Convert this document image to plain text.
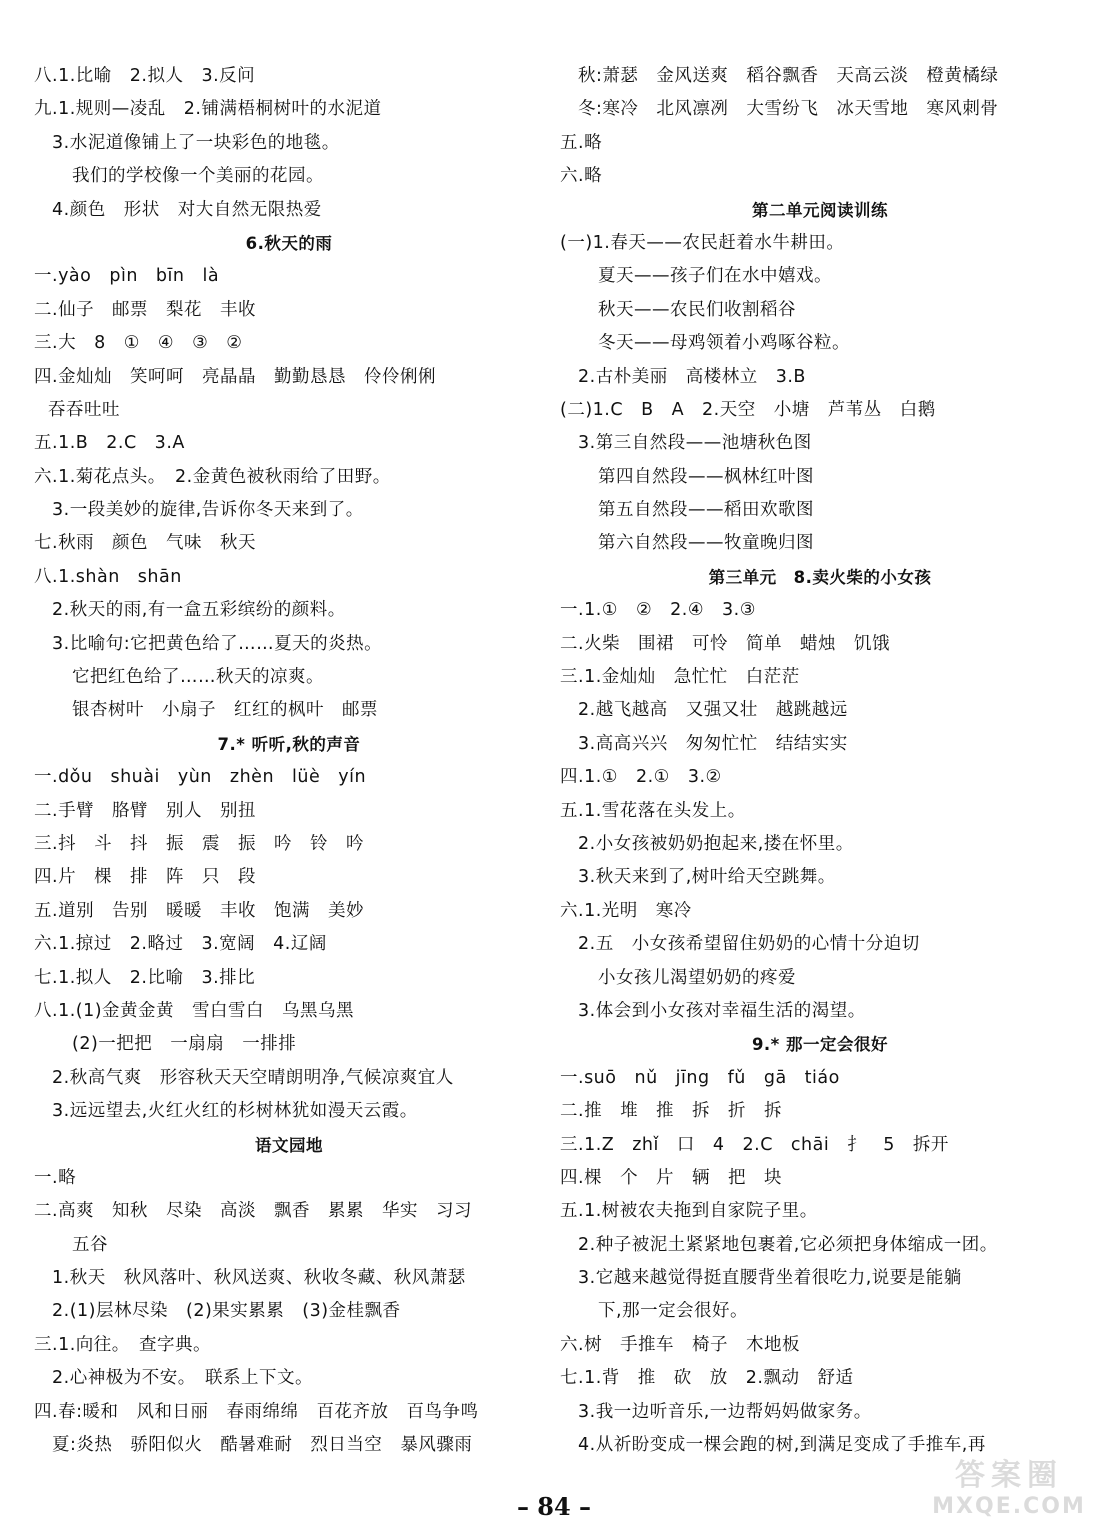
八.1.比喻　2.拟人　3.反问
九.1.规则—凌乱　2.铺满梧桐树叶的水泥道
3.水泥道像铺上了一块彩色的地毯。
我们的学校像一个美丽的花园。
4.颜色　形状　对大自然无限热爱
6.秋天的雨
一.yào　pìn　bīn　là
二.仙子　邮票　梨花　丰收
三.大　8　①　④　③　②
四.金灿灿　笑呵呵　亮晶晶　勤勤恳恳　伶伶俐俐
吞吞吐吐
五.1.B　2.C　3.A
六.1.菊花点头。　2.金黄色被秋雨给了田野。
3.一段美妙的旋律,告诉你冬天来到了。
七.秋雨　颜色　气味　秋天
八.1.shàn　shān
2.秋天的雨,有一盒五彩缤纷的颜料。
3.比喻句:它把黄色给了……夏天的炎热。
它把红色给了……秋天的凉爽。
银杏树叶　小扇子　红红的枫叶　邮票
7.* 听听,秋的声音
一.dǒu　shuài　yùn　zhèn　lüè　yín
二.手臂　胳臂　别人　别扭
三.抖　斗　抖　振　震　振　吟　铃　吟
四.片　棵　排　阵　只　段
五.道别　告别　暖暖　丰收　饱满　美妙
六.1.掠过　2.略过　3.宽阔　4.辽阔
七.1.拟人　2.比喻　3.排比
八.1.(1)金黄金黄　雪白雪白　乌黑乌黑
(2)一把把　一扇扇　一排排
2.秋高气爽　形容秋天天空晴朗明净,气候凉爽宜人
3.远远望去,火红火红的杉树林犹如漫天云霞。
语文园地
一.略
二.高爽　知秋　尽染　高淡　飘香　累累　华实　习习
五谷
1.秋天　秋风落叶、秋风送爽、秋收冬藏、秋风萧瑟
2.(1)层林尽染　(2)果实累累　(3)金桂飘香
三.1.向往。　查字典。
2.心神极为不安。　联系上下文。
四.春:暖和　风和日丽　春雨绵绵　百花齐放　百鸟争鸣
夏:炎热　骄阳似火　酷暑难耐　烈日当空　暴风骤雨
秋:萧瑟　金风送爽　稻谷飘香　天高云淡　橙黄橘绿
冬:寒冷　北风凛冽　大雪纷飞　冰天雪地　寒风刺骨
五.略
六.略
第二单元阅读训练
(一)1.春天——农民赶着水牛耕田。
夏天——孩子们在水中嬉戏。
秋天——农民们收割稻谷
冬天——母鸡领着小鸡啄谷粒。
2.古朴美丽　高楼林立　3.B
(二)1.C　B　A　2.天空　小塘　芦苇丛　白鹅
3.第三自然段——池塘秋色图
第四自然段——枫林红叶图
第五自然段——稻田欢歌图
第六自然段——牧童晚归图
第三单元　8.卖火柴的小女孩
一.1.①　②　2.④　3.③
二.火柴　围裙　可怜　简单　蜡烛　饥饿
三.1.金灿灿　急忙忙　白茫茫
2.越飞越高　又强又壮　越跳越远
3.高高兴兴　匆匆忙忙　结结实实
四.1.①　2.①　3.②
五.1.雪花落在头发上。
2.小女孩被奶奶抱起来,搂在怀里。
3.秋天来到了,树叶给天空跳舞。
六.1.光明　寒冷
2.五　小女孩希望留住奶奶的心情十分迫切
小女孩儿渴望奶奶的疼爱
3.体会到小女孩对幸福生活的渴望。
9.* 那一定会很好
一.suō　nǔ　jīng　fǔ　gā　tiáo
二.推　堆　推　拆　折　拆
三.1.Z　zhǐ　口　4　2.C　chāi　扌　5　拆开
四.棵　个　片　辆　把　块
五.1.树被农夫拖到自家院子里。
2.种子被泥土紧紧地包裹着,它必须把身体缩成一团。
3.它越来越觉得挺直腰背坐着很吃力,说要是能躺
下,那一定会很好。
六.树　手推车　椅子　木地板
七.1.背　推　砍　放　2.飘动　舒适
3.我一边听音乐,一边帮妈妈做家务。
4.从祈盼变成一棵会跑的树,到满足变成了手推车,再
– 84 –
答案圈
MXQE.COM
